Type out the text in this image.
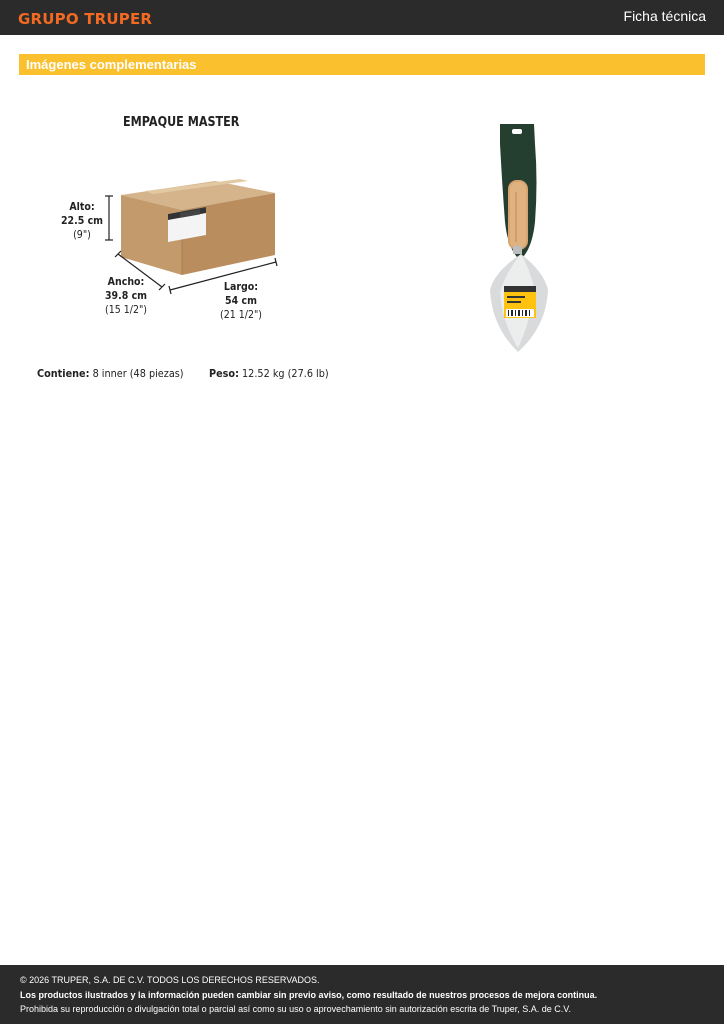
GRUPO TRUPER	Ficha técnica
Imágenes complementarias
EMPAQUE MASTER
Alto:
22.5 cm
(9")
Ancho:
39.8 cm
(15 1/2")
Largo:
54 cm
(21 1/2")
Contiene: 8 inner (48 piezas) Peso: 12.52 kg (27.6 lb)
© 2026 TRUPER, S.A. DE C.V. TODOS LOS DERECHOS RESERVADOS.
Los productos ilustrados y la información pueden cambiar sin previo aviso, como resultado de nuestros procesos de mejora continua.
Prohibida su reproducción o divulgación total o parcial así como su uso o aprovechamiento sin autorización escrita de Truper, S.A. de C.V.
